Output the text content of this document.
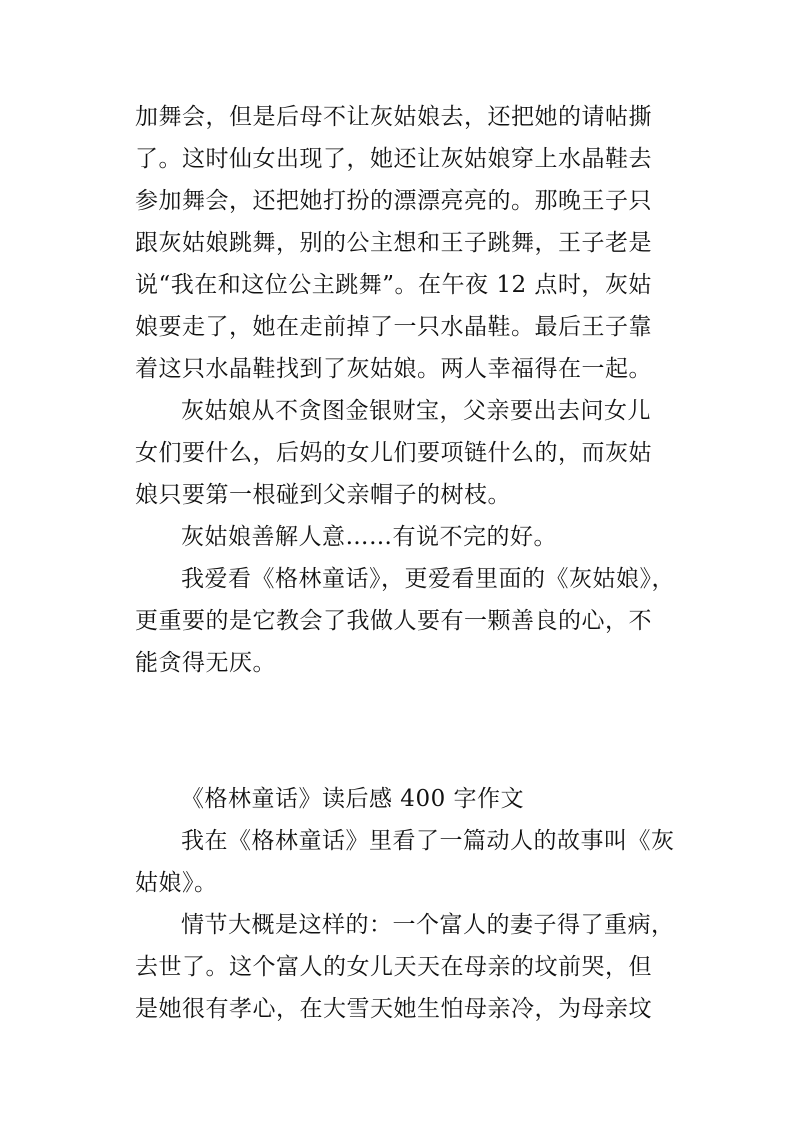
加舞会，但是后母不让灰姑娘去，还把她的请帖撕
了。这时仙女出现了，她还让灰姑娘穿上水晶鞋去
参加舞会，还把她打扮的漂漂亮亮的。那晚王子只
跟灰姑娘跳舞，别的公主想和王子跳舞，王子老是
说“我在和这位公主跳舞”。在午夜 12 点时，灰姑
娘要走了，她在走前掉了一只水晶鞋。最后王子靠
着这只水晶鞋找到了灰姑娘。两人幸福得在一起。
灰姑娘从不贪图金银财宝，父亲要出去问女儿
女们要什么，后妈的女儿们要项链什么的，而灰姑
娘只要第一根碰到父亲帽子的树枝。
灰姑娘善解人意……有说不完的好。
我爱看《格林童话》，更爱看里面的《灰姑娘》，
更重要的是它教会了我做人要有一颗善良的心，不
能贪得无厌。
《格林童话》读后感 400 字作文
我在《格林童话》里看了一篇动人的故事叫《灰
姑娘》。
情节大概是这样的：一个富人的妻子得了重病，
去世了。这个富人的女儿天天在母亲的坟前哭，但
是她很有孝心，在大雪天她生怕母亲冷，为母亲坟
